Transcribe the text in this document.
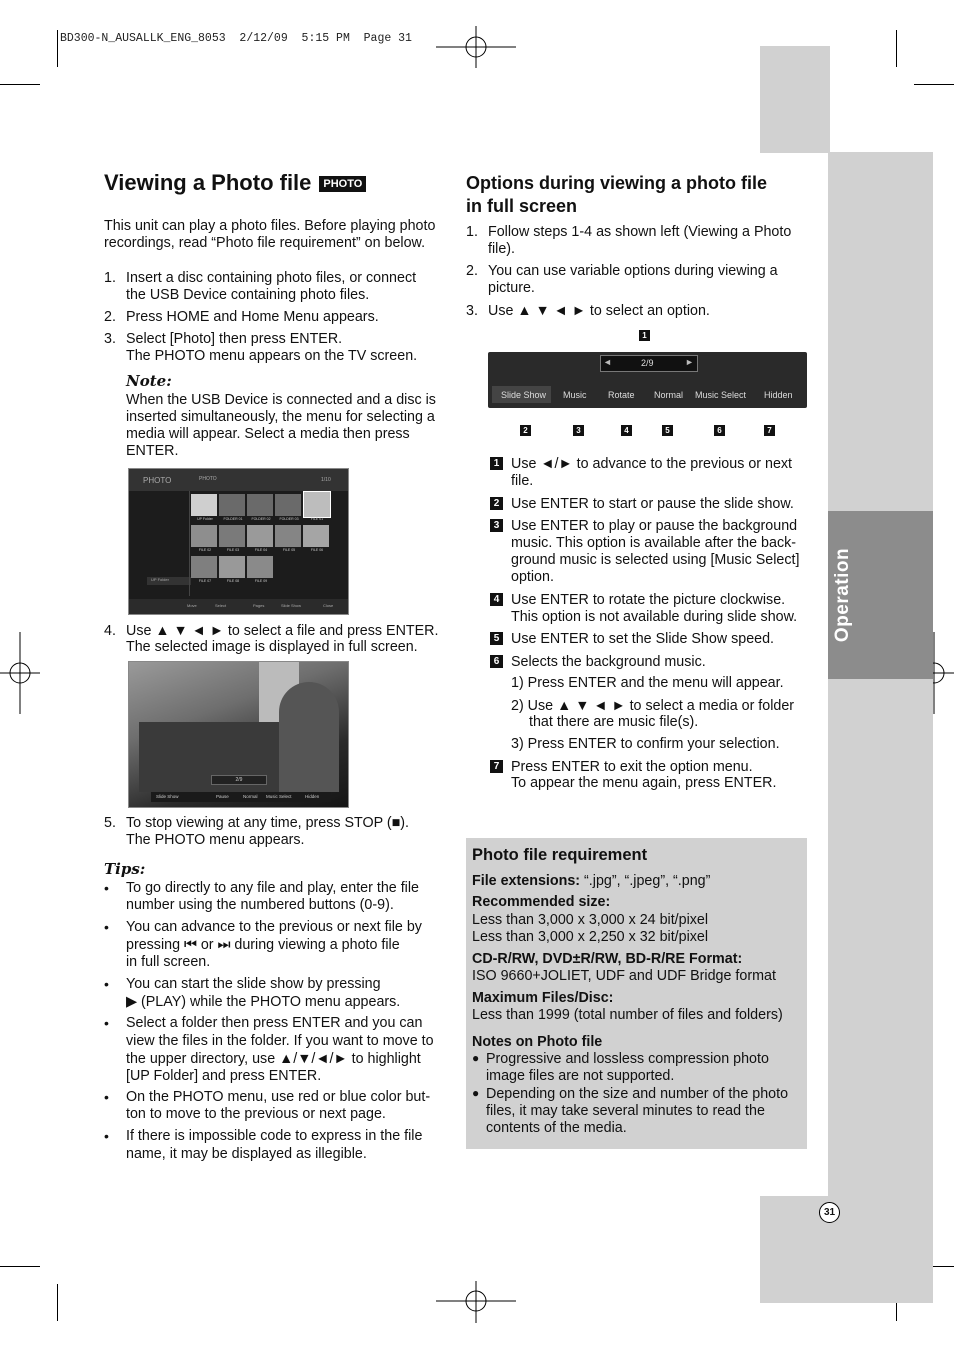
BD300-N_AUSALLK_ENG_8053  2/12/09  5:15 PM  Page 31
Operation
31
Viewing a Photo file PHOTO
This unit can play a photo files. Before playing photo
recordings, read “Photo file requirement” on below.
1. Insert a disc containing photo files, or connect
the USB Device containing photo files.
2. Press HOME and Home Menu appears.
3. Select [Photo] then press ENTER.
The PHOTO menu appears on the TV screen.
Note:
When the USB Device is connected and a disc is
inserted simultaneously, the menu for selecting a
media will appear. Select a media then press
ENTER.
PHOTO	PHOTO	1/10
UP Folder
UP Folder	FOLDER 01	FOLDER 02	FOLDER 03	FILE 01
FILE 02	FILE 03	FILE 04	FILE 05	FILE 06
FILE 07	FILE 08	FILE 09
Move	Select	Pages	Slide Show	Close
4. Use ▲ ▼ ◄ ► to select a file and press ENTER.
The selected image is displayed in full screen.
2/9
Slide Show	Pause	Normal Music Select	Hidden
5. To stop viewing at any time, press STOP (■).
The PHOTO menu appears.
Tips:
• To go directly to any file and play, enter the file
number using the numbered buttons (0-9).
• You can advance to the previous or next file by
pressing ⏮ or ⏭ during viewing a photo file
in full screen.
• You can start the slide show by pressing
▶ (PLAY) while the PHOTO menu appears.
• Select a folder then press ENTER and you can
view the files in the folder. If you want to move to
the upper directory, use ▲/▼/◄/► to highlight
[UP Folder] and press ENTER.
• On the PHOTO menu, use red or blue color but-
ton to move to the previous or next page.
• If there is impossible code to express in the file
name, it may be displayed as illegible.
Options during viewing a photo file
in full screen
1. Follow steps 1-4 as shown left (Viewing a Photo
file).
2. You can use variable options during viewing a
picture.
3. Use ▲ ▼ ◄ ► to select an option.
1
◄	►
2/9
Slide Show Music Rotate Normal Music Select Hidden
2	3	4	5	6	7
1 Use ◄/► to advance to the previous or next
file.
2 Use ENTER to start or pause the slide show.
3 Use ENTER to play or pause the background
music. This option is available after the back-
ground music is selected using [Music Select]
option.
4 Use ENTER to rotate the picture clockwise.
This option is not available during slide show.
5 Use ENTER to set the Slide Show speed.
6 Selects the background music.
1) Press ENTER and the menu will appear.
2) Use ▲ ▼ ◄ ► to select a media or folder
that there are music file(s).
3) Press ENTER to confirm your selection.
7 Press ENTER to exit the option menu.
To appear the menu again, press ENTER.
Photo file requirement
File extensions: “.jpg”, “.jpeg”, “.png”
Recommended size:
Less than 3,000 x 3,000 x 24 bit/pixel
Less than 3,000 x 2,250 x 32 bit/pixel
CD-R/RW, DVD±R/RW, BD-R/RE Format:
ISO 9660+JOLIET, UDF and UDF Bridge format
Maximum Files/Disc:
Less than 1999 (total number of files and folders)
Notes on Photo file
● Progressive and lossless compression photo
image files are not supported.
● Depending on the size and number of the photo
files, it may take several minutes to read the
contents of the media.
